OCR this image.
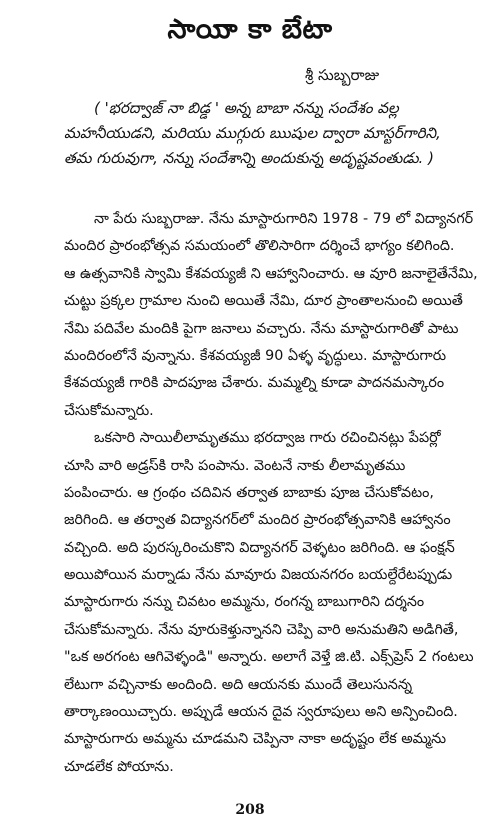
సాయిా కా బేటా
శ్రీ సుబ్బరాజు
( 'భరద్వాజ్ నా బిడ్డ ' అన్న బాబా నన్ను సందేశం వల్ల
మహనీయుడని, మరియు ముగ్గురు ఋషుల ద్వారా మాస్టర్‌గారిని,
తమ గురువుగా, నన్ను సందేశాన్ని అందుకున్న అదృష్టవంతుడు. )
నా పేరు సుబ్బరాజు. నేను మాస్టారుగారిని 1978 - 79 లో విద్యానగర్
మందిర ప్రారంభోత్సవ సమయంలో తొలిసారిగా దర్శించే భాగ్యం కలిగింది.
ఆ ఉత్సవానికి స్వామి కేశవయ్యజీ ని ఆహ్వానించారు. ఆ వూరి జనాలైతేనేమి,
చుట్టు ప్రక్కల గ్రామాల నుంచి అయితే నేమి, దూర ప్రాంతాలనుంచి అయితే
నేమి పదివేల మందికి పైగా జనాలు వచ్చారు. నేను మాస్టారుగారితో పాటు
మందిరంలోనే వున్నాను. కేశవయ్యజీ 90 ఏళ్ళ వృద్ధులు. మాస్టారుగారు
కేశవయ్యజీ గారికి పాదపూజ చేశారు. మమ్మల్ని కూడా పాదనమస్కారం
చేసుకోమన్నారు.
ఒకసారి సాయిలీలామృతము భరద్వాజ గారు రచించినట్లు పేపర్లో
చూసి వారి అడ్రస్‌కి రాసి పంపాను. వెంటనే నాకు లీలామృతము
పంపించారు. ఆ గ్రంథం చదివిన తర్వాత బాబాకు పూజ చేసుకోవటం,
జరిగింది. ఆ తర్వాత విద్యానగర్‌లో మందిర ప్రారంభోత్సవానికి ఆహ్వానం
వచ్చింది. అది పురస్కరించుకొని విద్యానగర్ వెళ్ళటం జరిగింది. ఆ ఫంక్షన్
అయిపోయిన మర్నాడు నేను మావూరు విజయనగరం బయల్దేరేటప్పుడు
మాస్టారుగారు నన్ను చివటం అమ్మను, రంగన్న బాబుగారిని దర్శనం
చేసుకోమన్నారు. నేను వూరుకెళ్తున్నానని చెప్పి వారి అనుమతిని అడిగితే,
"ఒక అరగంట ఆగివెళ్ళండి" అన్నారు. అలాగే వెళ్తే జి.టి. ఎక్స్‌ప్రెస్ 2 గంటలు
లేటుగా వచ్చినాకు అందింది. అది ఆయనకు ముందే తెలుసునన్న
తార్కాణంయిచ్చారు. అప్పుడే ఆయన దైవ స్వరూపులు అని అన్పించింది.
మాస్టారుగారు అమ్మను చూడమని చెప్పినా నాకా అదృష్టం లేక అమ్మను
చూడలేక పోయాను.
208
